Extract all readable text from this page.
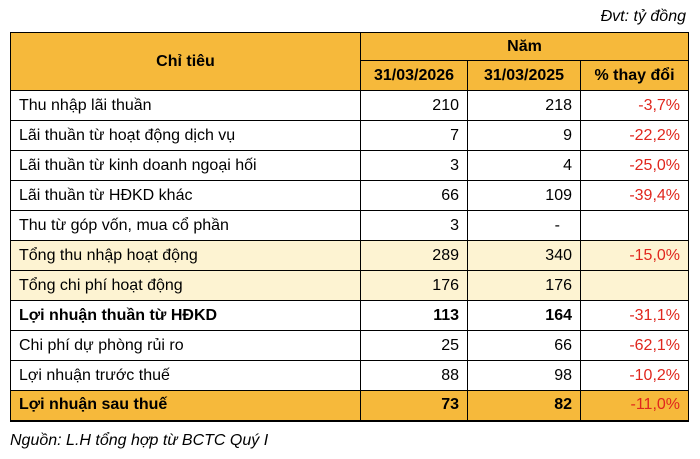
Đvt: tỷ đồng
Chỉ tiêu	Năm		
	31/03/2026	31/03/2025	% thay đổi
Thu nhập lãi thuần	210	218	-3,7%
Lãi thuần từ hoạt động dịch vụ	7	9	-22,2%
Lãi thuần từ kinh doanh ngoại hối	3	4	-25,0%
Lãi thuần từ HĐKD khác	66	109	-39,4%
Thu từ góp vốn, mua cổ phần	3	-	
Tổng thu nhập hoạt động	289	340	-15,0%
Tổng chi phí hoạt động	176	176	
Lợi nhuận thuần từ HĐKD	113	164	-31,1%
Chi phí dự phòng rủi ro	25	66	-62,1%
Lợi nhuận trước thuế	88	98	-10,2%
Lợi nhuận sau thuế	73	82	-11,0%
Nguồn: L.H tổng hợp từ BCTC Quý I
